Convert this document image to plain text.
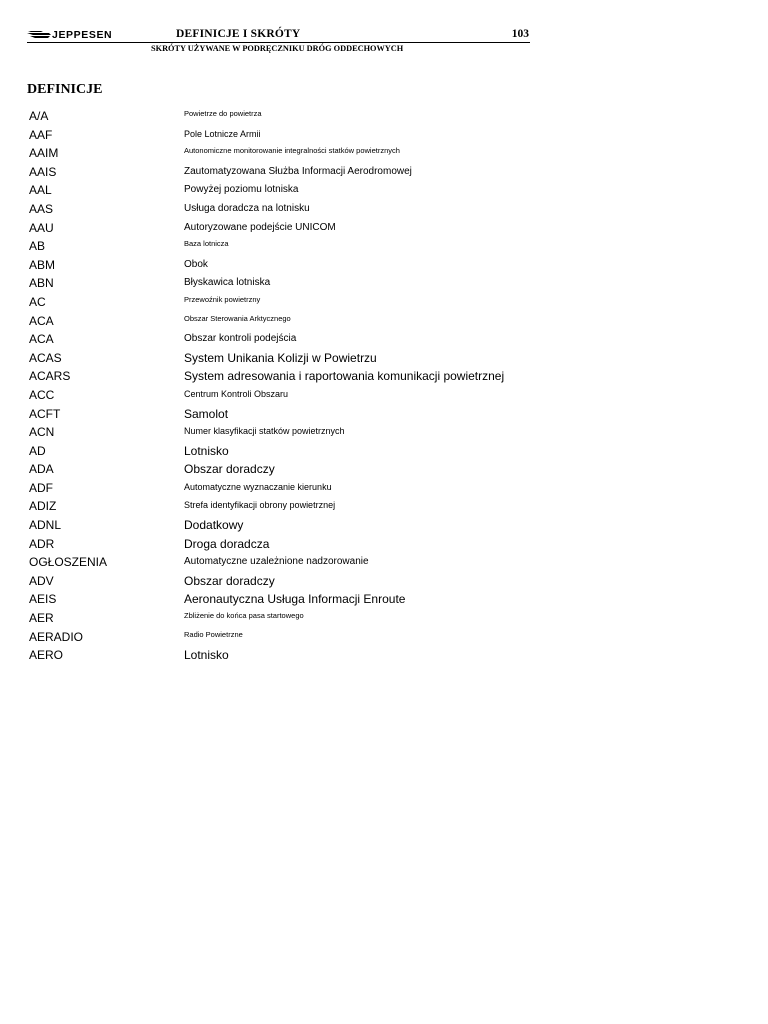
JEPPESEN	DEFINICJE I SKRÓTY	103
SKRÓTY UŻYWANE W PODRĘCZNIKU DRÓG ODDECHOWYCH
DEFINICJE
A/A	Powietrze do powietrza
AAF	Pole Lotnicze Armii
AAIM	Autonomiczne monitorowanie integralności statków powietrznych
AAIS	Zautomatyzowana Służba Informacji Aerodromowej
AAL	Powyżej poziomu lotniska
AAS	Usługa doradcza na lotnisku
AAU	Autoryzowane podejście UNICOM
AB	Baza lotnicza
ABM	Obok
ABN	Błyskawica lotniska
AC	Przewoźnik powietrzny
ACA	Obszar Sterowania Arktycznego
ACA	Obszar kontroli podejścia
ACAS	System Unikania Kolizji w Powietrzu
ACARS	System adresowania i raportowania komunikacji powietrznej
ACC	Centrum Kontroli Obszaru
ACFT	Samolot
ACN	Numer klasyfikacji statków powietrznych
AD	Lotnisko
ADA	Obszar doradczy
ADF	Automatyczne wyznaczanie kierunku
ADIZ	Strefa identyfikacji obrony powietrznej
ADNL	Dodatkowy
ADR	Droga doradcza
OGŁOSZENIA	Automatyczne uzależnione nadzorowanie
ADV	Obszar doradczy
AEIS	Aeronautyczna Usługa Informacji Enroute
AER	Zbliżenie do końca pasa startowego
AERADIO	Radio Powietrzne
AERO	Lotnisko
